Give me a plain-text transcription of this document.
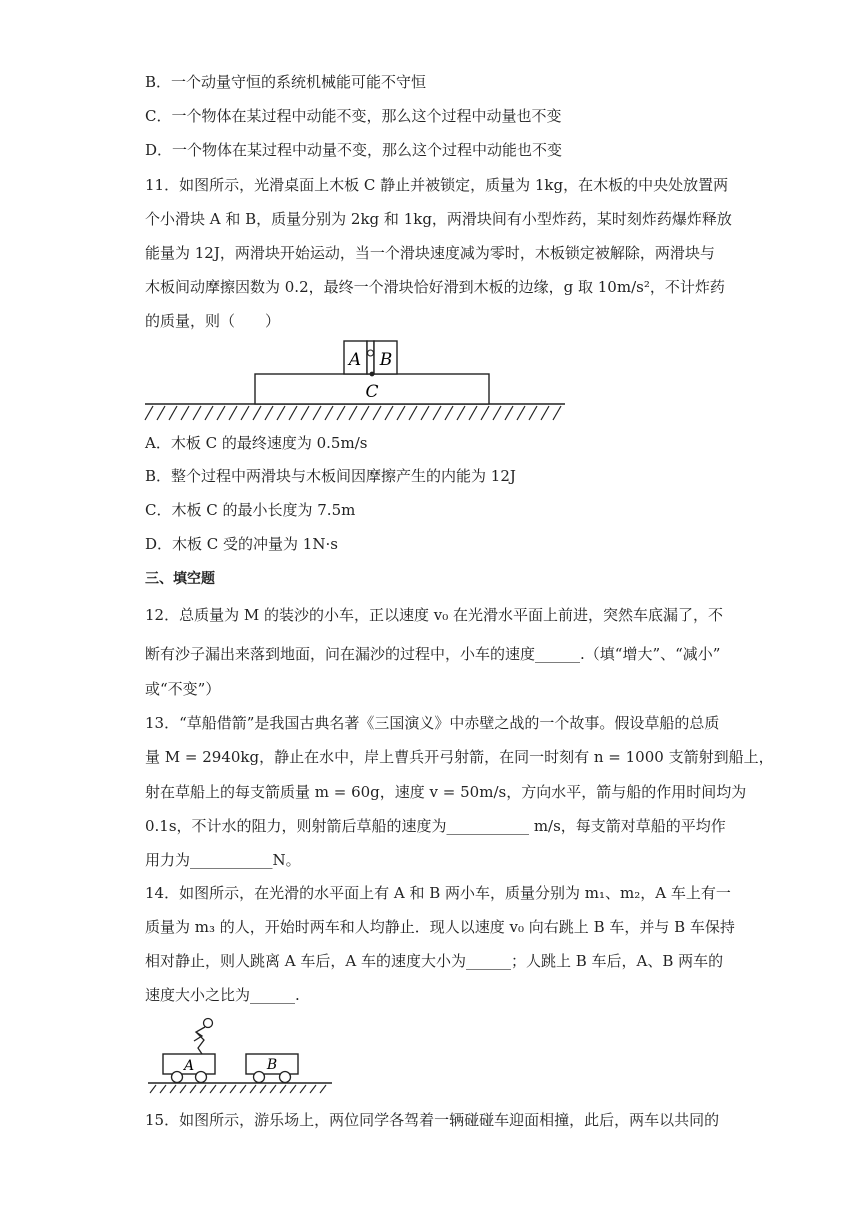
B．一个动量守恒的系统机械能可能不守恒
C．一个物体在某过程中动能不变，那么这个过程中动量也不变
D．一个物体在某过程中动量不变，那么这个过程中动能也不变
11．如图所示，光滑桌面上木板 C 静止并被锁定，质量为 1kg，在木板的中央处放置两
个小滑块 A 和 B，质量分别为 2kg 和 1kg，两滑块间有小型炸药，某时刻炸药爆炸释放
能量为 12J，两滑块开始运动，当一个滑块速度减为零时，木板锁定被解除，两滑块与
木板间动摩擦因数为 0.2，最终一个滑块恰好滑到木板的边缘，g 取 10m/s²，不计炸药
的质量，则（　　）
C
A B
A．木板 C 的最终速度为 0.5m/s
B．整个过程中两滑块与木板间因摩擦产生的内能为 12J
C．木板 C 的最小长度为 7.5m
D．木板 C 受的冲量为 1N·s
三、填空题
12．总质量为 M 的装沙的小车，正以速度 v₀ 在光滑水平面上前进，突然车底漏了，不
断有沙子漏出来落到地面，问在漏沙的过程中，小车的速度______.（填“增大”、“减小”
或“不变”）
13．“草船借箭”是我国古典名著《三国演义》中赤壁之战的一个故事。假设草船的总质
量 M = 2940kg，静止在水中，岸上曹兵开弓射箭，在同一时刻有 n = 1000 支箭射到船上，
射在草船上的每支箭质量 m = 60g，速度 v = 50m/s，方向水平，箭与船的作用时间均为
0.1s，不计水的阻力，则射箭后草船的速度为___________ m/s，每支箭对草船的平均作
用力为___________N。
14．如图所示，在光滑的水平面上有 A 和 B 两小车，质量分别为 m₁、m₂，A 车上有一
质量为 m₃ 的人，开始时两车和人均静止．现人以速度 v₀ 向右跳上 B 车，并与 B 车保持
相对静止，则人跳离 A 车后，A 车的速度大小为______；人跳上 B 车后，A、B 两车的
速度大小之比为______.
A	B
15．如图所示，游乐场上，两位同学各驾着一辆碰碰车迎面相撞，此后，两车以共同的
